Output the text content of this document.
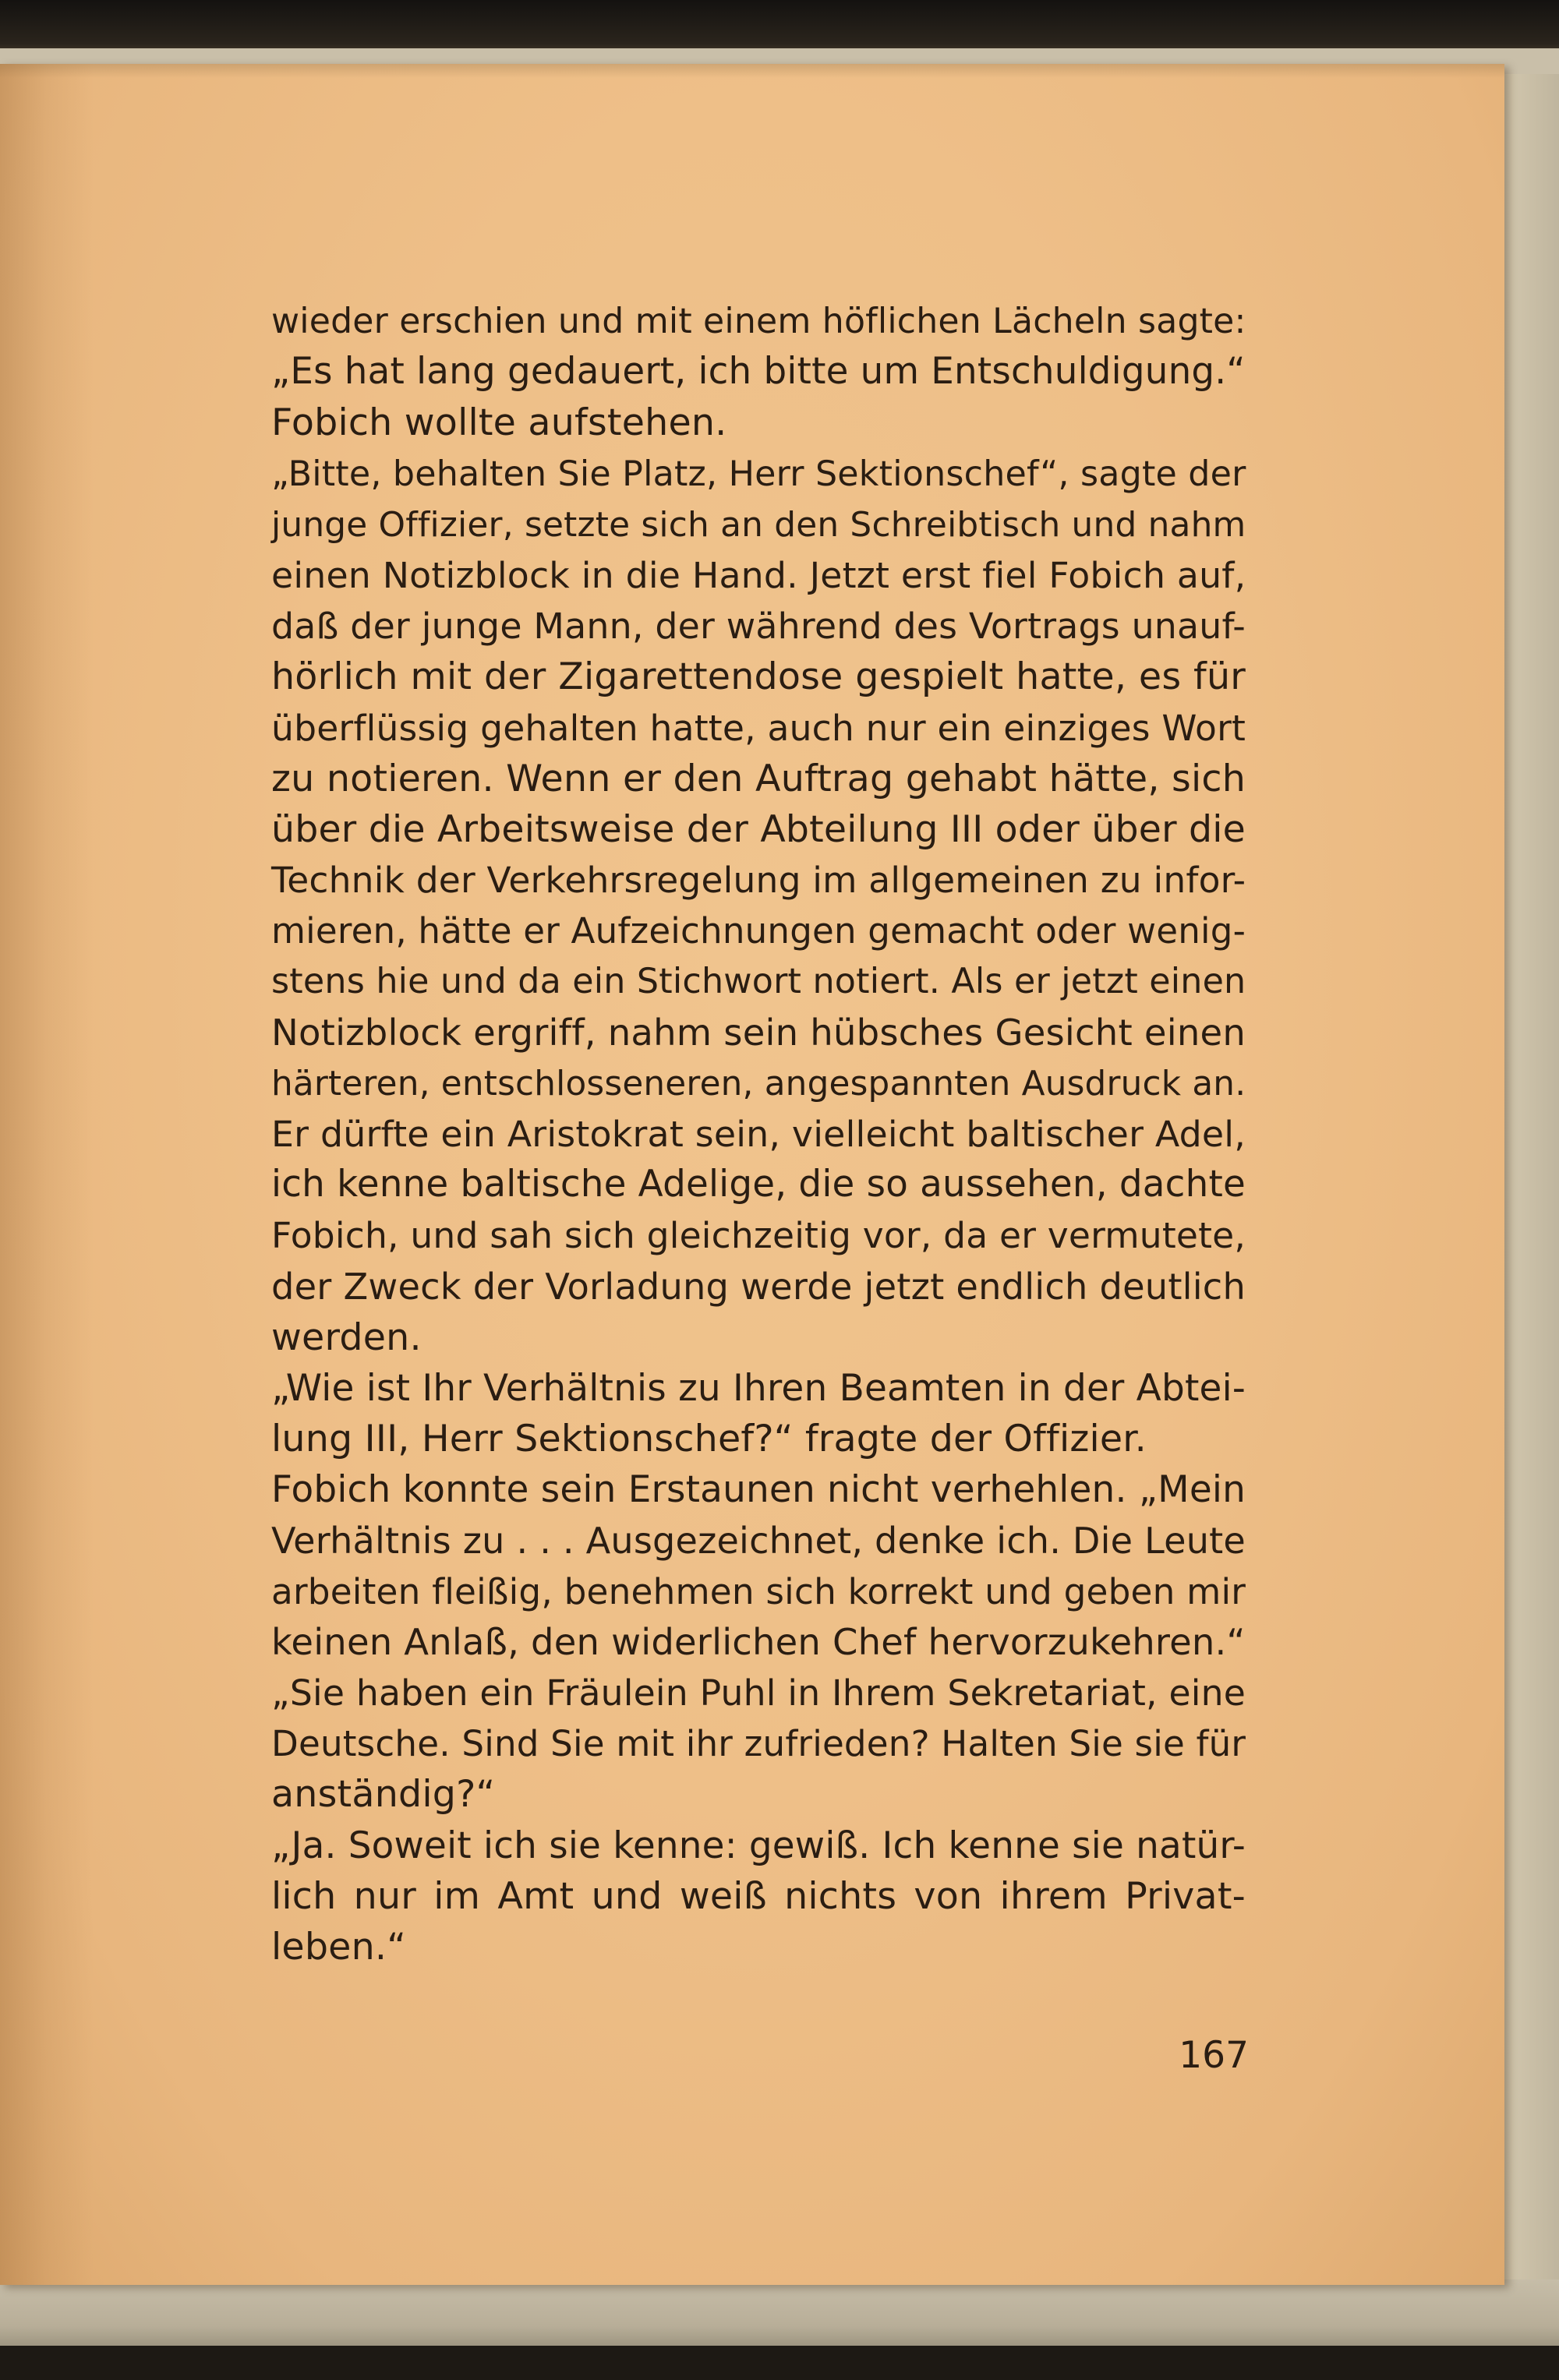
wieder erschien und mit einem höflichen Lächeln sagte:
„Es hat lang gedauert, ich bitte um Entschuldigung.“
Fobich wollte aufstehen.
„Bitte, behalten Sie Platz, Herr Sektionschef“, sagte der
junge Offizier, setzte sich an den Schreibtisch und nahm
einen Notizblock in die Hand. Jetzt erst fiel Fobich auf,
daß der junge Mann, der während des Vortrags unauf-
hörlich mit der Zigarettendose gespielt hatte, es für
überflüssig gehalten hatte, auch nur ein einziges Wort
zu notieren. Wenn er den Auftrag gehabt hätte, sich
über die Arbeitsweise der Abteilung III oder über die
Technik der Verkehrsregelung im allgemeinen zu infor-
mieren, hätte er Aufzeichnungen gemacht oder wenig-
stens hie und da ein Stichwort notiert. Als er jetzt einen
Notizblock ergriff, nahm sein hübsches Gesicht einen
härteren, entschlosseneren, angespannten Ausdruck an.
Er dürfte ein Aristokrat sein, vielleicht baltischer Adel,
ich kenne baltische Adelige, die so aussehen, dachte
Fobich, und sah sich gleichzeitig vor, da er vermutete,
der Zweck der Vorladung werde jetzt endlich deutlich
werden.
„Wie ist Ihr Verhältnis zu Ihren Beamten in der Abtei-
lung III, Herr Sektionschef?“ fragte der Offizier.
Fobich konnte sein Erstaunen nicht verhehlen. „Mein
Verhältnis zu . . . Ausgezeichnet, denke ich. Die Leute
arbeiten fleißig, benehmen sich korrekt und geben mir
keinen Anlaß, den widerlichen Chef hervorzukehren.“
„Sie haben ein Fräulein Puhl in Ihrem Sekretariat, eine
Deutsche. Sind Sie mit ihr zufrieden? Halten Sie sie für
anständig?“
„Ja. Soweit ich sie kenne: gewiß. Ich kenne sie natür-
lich nur im Amt und weiß nichts von ihrem Privat-
leben.“
167
